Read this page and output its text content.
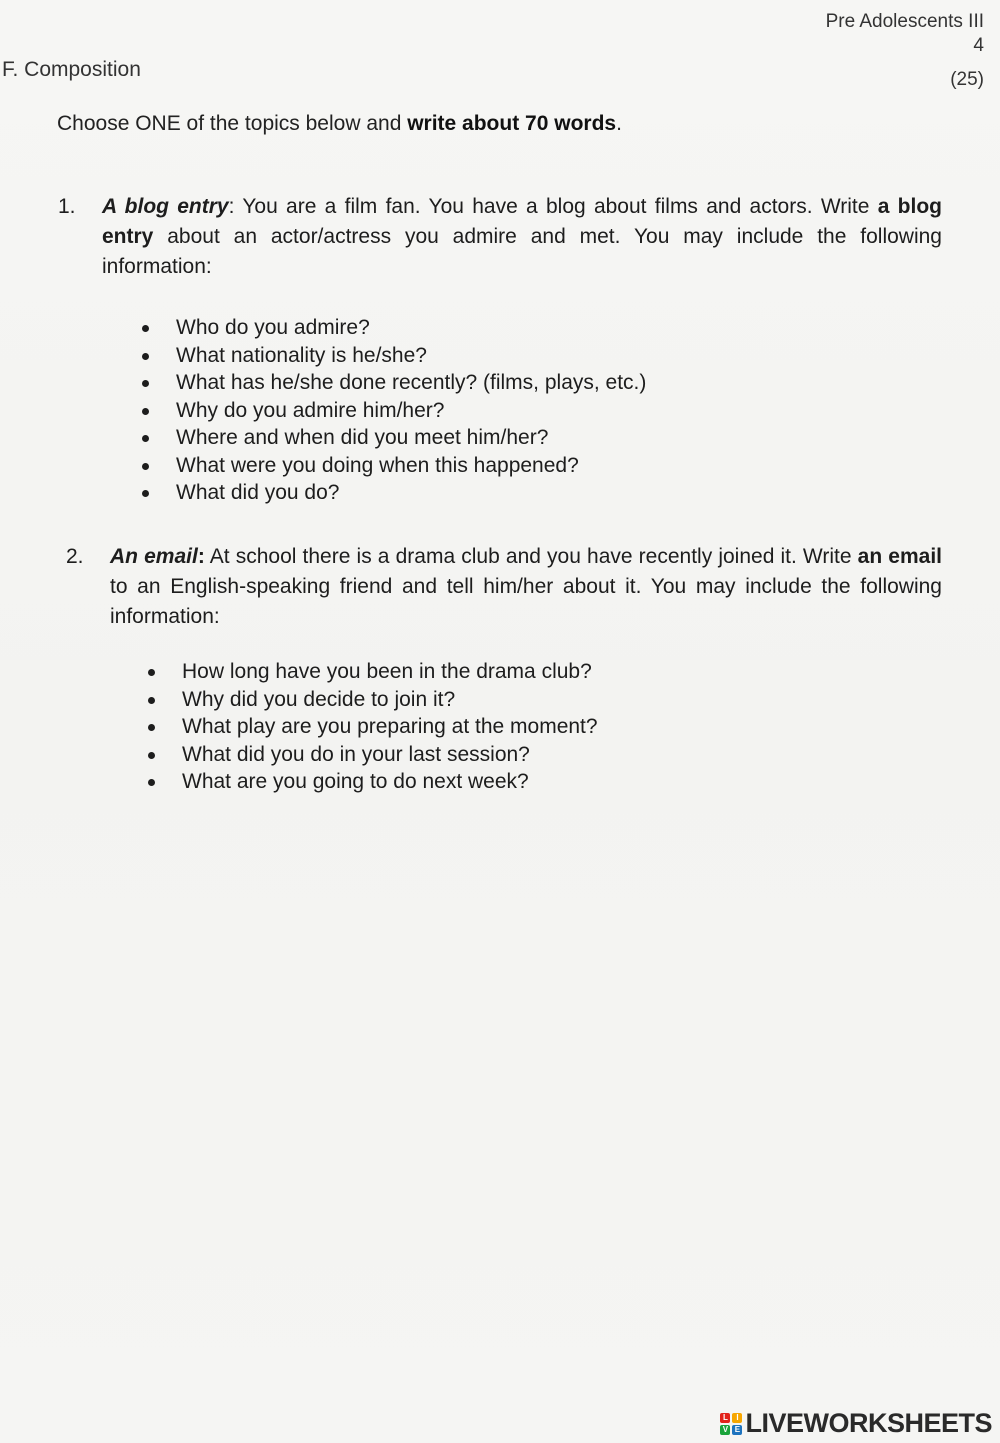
Pre Adolescents III
4
(25)
F. Composition
Choose ONE of the topics below and write about 70 words.
1. A blog entry: You are a film fan. You have a blog about films and actors. Write a blog entry about an actor/actress you admire and met. You may include the following information:
Who do you admire?
What nationality is he/she?
What has he/she done recently? (films, plays, etc.)
Why do you admire him/her?
Where and when did you meet him/her?
What were you doing when this happened?
What did you do?
2. An email: At school there is a drama club and you have recently joined it. Write an email to an English-speaking friend and tell him/her about it. You may include the following information:
How long have you been in the drama club?
Why did you decide to join it?
What play are you preparing at the moment?
What did you do in your last session?
What are you going to do next week?
L	I
V E LIVEWORKSHEETS
